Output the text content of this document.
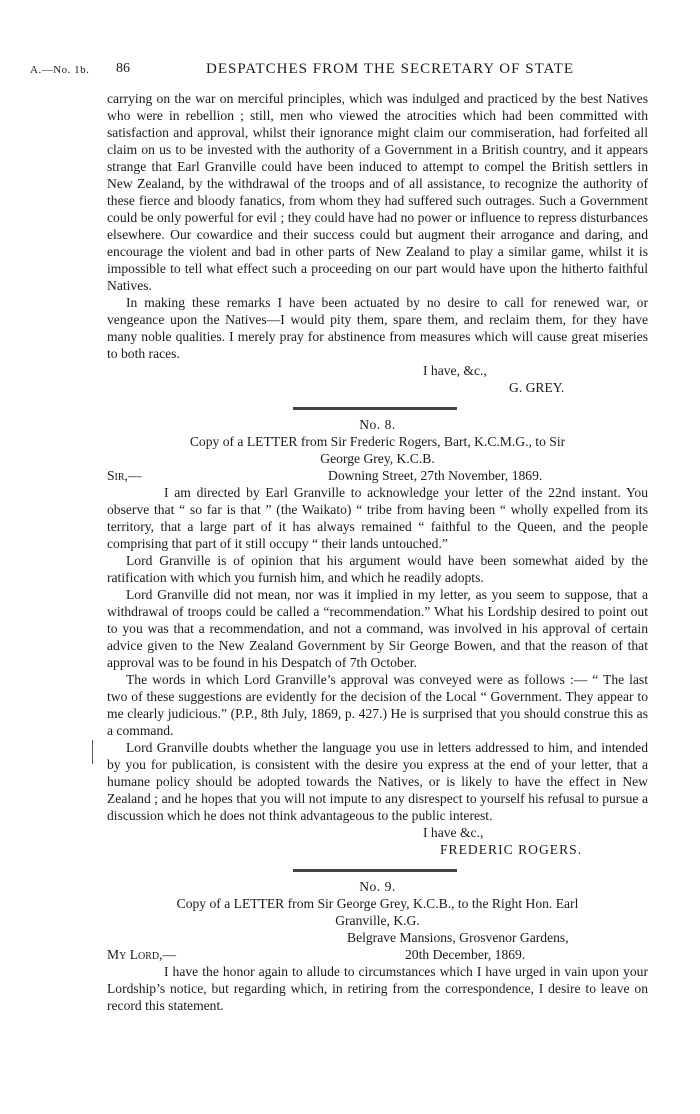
A.—No. 1b. 86	DESPATCHES FROM THE SECRETARY OF STATE

carrying on the war on merciful principles, which was indulged and practiced by the best Natives who were in rebellion ; still, men who viewed the atrocities which had been committed with satisfaction and approval, whilst their ignorance might claim our commiseration, had forfeited all claim on us to be invested with the authority of a Government in a British country, and it appears strange that Earl Granville could have been induced to attempt to compel the British settlers in New Zealand, by the withdrawal of the troops and of all assistance, to recognize the authority of these fierce and bloody fanatics, from whom they had suffered such outrages. Such a Government could be only powerful for evil ; they could have had no power or influence to repress disturbances elsewhere. Our cowardice and their success could but augment their arrogance and daring, and encourage the violent and bad in other parts of New Zealand to play a similar game, whilst it is impossible to tell what effect such a proceeding on our part would have upon the hitherto faithful Natives.

In making these remarks I have been actuated by no desire to call for renewed war, or vengeance upon the Natives—I would pity them, spare them, and reclaim them, for they have many noble qualities. I merely pray for abstinence from measures which will cause great miseries to both races.

I have, &c.,

G. GREY.

No. 8.

Copy of a LETTER from Sir Frederic Rogers, Bart, K.C.M.G., to Sir
George Grey, K.C.B.
Sir,—	Downing Street, 27th November, 1869.

I am directed by Earl Granville to acknowledge your letter of the 22nd instant. You observe that “ so far is that ” (the Waikato) “ tribe from having been “ wholly expelled from its territory, that a large part of it has always remained “ faithful to the Queen, and the people comprising that part of it still occupy “ their lands untouched.”

Lord Granville is of opinion that his argument would have been somewhat aided by the ratification with which you furnish him, and which he readily adopts.

Lord Granville did not mean, nor was it implied in my letter, as you seem to suppose, that a withdrawal of troops could be called a “recommendation.” What his Lordship desired to point out to you was that a recommendation, and not a command, was involved in his approval of certain advice given to the New Zealand Government by Sir George Bowen, and that the reason of that approval was to be found in his Despatch of 7th October.

The words in which Lord Granville’s approval was conveyed were as follows :— “ The last two of these suggestions are evidently for the decision of the Local “ Government. They appear to me clearly judicious.” (P.P., 8th July, 1869, p. 427.) He is surprised that you should construe this as a command.

Lord Granville doubts whether the language you use in letters addressed to him, and intended by you for publication, is consistent with the desire you express at the end of your letter, that a humane policy should be adopted towards the Natives, or is likely to have the effect in New Zealand ; and he hopes that you will not impute to any disrespect to yourself his refusal to pursue a discussion which he does not think advantageous to the public interest.

I have &c.,

FREDERIC ROGERS.

No. 9.

Copy of a LETTER from Sir George Grey, K.C.B., to the Right Hon. Earl
Granville, K.G.

Belgrave Mansions, Grosvenor Gardens,

My Lord,—	20th December, 1869.

I have the honor again to allude to circumstances which I have urged in vain upon your Lordship’s notice, but regarding which, in retiring from the correspondence, I desire to leave on record this statement.
